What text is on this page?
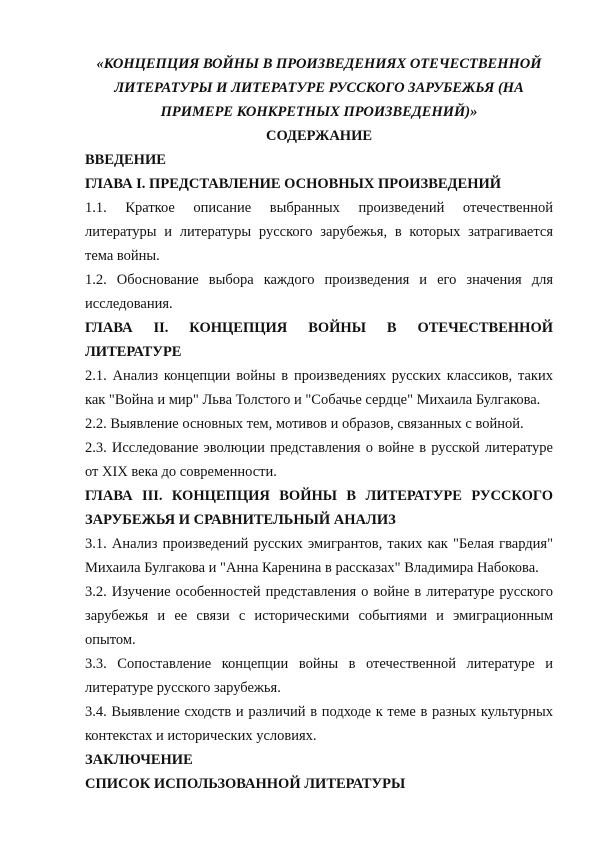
«КОНЦЕПЦИЯ ВОЙНЫ В ПРОИЗВЕДЕНИЯХ ОТЕЧЕСТВЕННОЙ ЛИТЕРАТУРЫ И ЛИТЕРАТУРЕ РУССКОГО ЗАРУБЕЖЬЯ (НА ПРИМЕРЕ КОНКРЕТНЫХ ПРОИЗВЕДЕНИЙ)»

СОДЕРЖАНИЕ

ВВЕДЕНИЕ

ГЛАВА I. ПРЕДСТАВЛЕНИЕ ОСНОВНЫХ ПРОИЗВЕДЕНИЙ

1.1. Краткое описание выбранных произведений отечественной литературы и литературы русского зарубежья, в которых затрагивается тема войны.

1.2. Обоснование выбора каждого произведения и его значения для исследования.

ГЛАВА II. КОНЦЕПЦИЯ ВОЙНЫ В ОТЕЧЕСТВЕННОЙ ЛИТЕРАТУРЕ

2.1. Анализ концепции войны в произведениях русских классиков, таких как "Война и мир" Льва Толстого и "Собачье сердце" Михаила Булгакова.

2.2. Выявление основных тем, мотивов и образов, связанных с войной.

2.3. Исследование эволюции представления о войне в русской литературе от XIX века до современности.

ГЛАВА III. КОНЦЕПЦИЯ ВОЙНЫ В ЛИТЕРАТУРЕ РУССКОГО ЗАРУБЕЖЬЯ И СРАВНИТЕЛЬНЫЙ АНАЛИЗ

3.1. Анализ произведений русских эмигрантов, таких как "Белая гвардия" Михаила Булгакова и "Анна Каренина в рассказах" Владимира Набокова.

3.2. Изучение особенностей представления о войне в литературе русского зарубежья и ее связи с историческими событиями и эмиграционным опытом.

3.3. Сопоставление концепции войны в отечественной литературе и литературе русского зарубежья.

3.4. Выявление сходств и различий в подходе к теме в разных культурных контекстах и исторических условиях.

ЗАКЛЮЧЕНИЕ

СПИСОК ИСПОЛЬЗОВАННОЙ ЛИТЕРАТУРЫ
